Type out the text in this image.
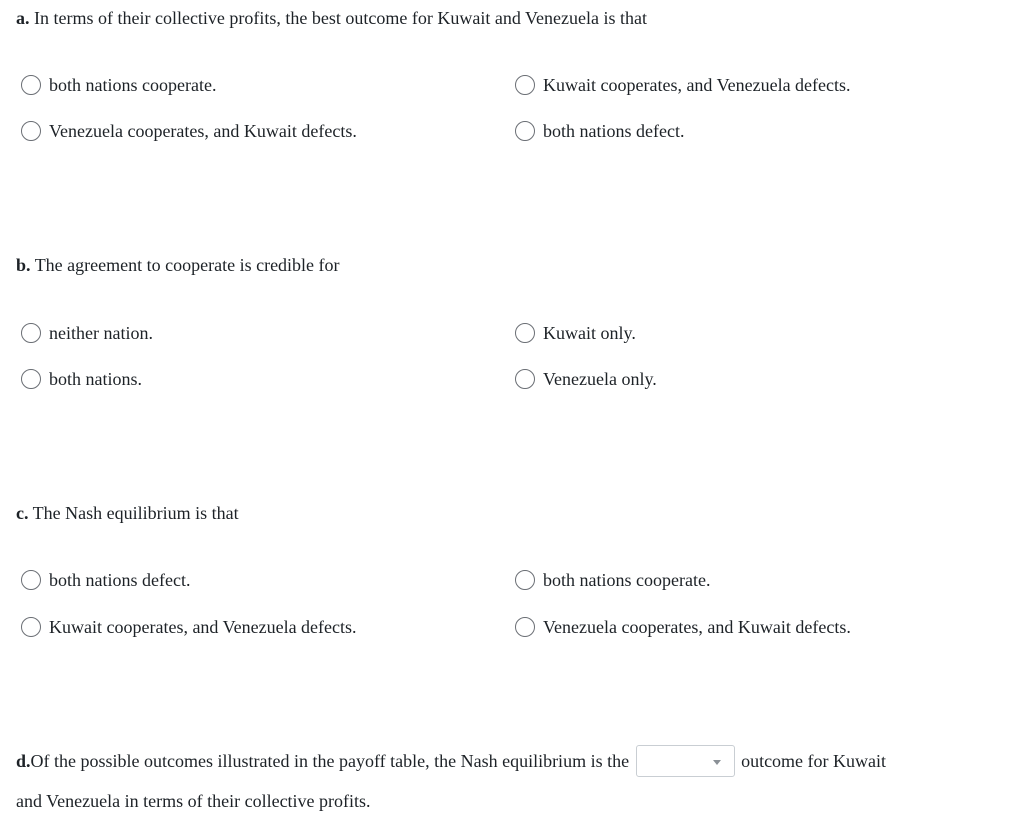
a. In terms of their collective profits, the best outcome for Kuwait and Venezuela is that
both nations cooperate.	Kuwait cooperates, and Venezuela defects.
Venezuela cooperates, and Kuwait defects.	both nations defect.
b. The agreement to cooperate is credible for
neither nation.	Kuwait only.
both nations.	Venezuela only.
c. The Nash equilibrium is that
both nations defect.	both nations cooperate.
Kuwait cooperates, and Venezuela defects.	Venezuela cooperates, and Kuwait defects.
d. Of the possible outcomes illustrated in the payoff table, the Nash equilibrium is the	outcome for Kuwait
and Venezuela in terms of their collective profits.
